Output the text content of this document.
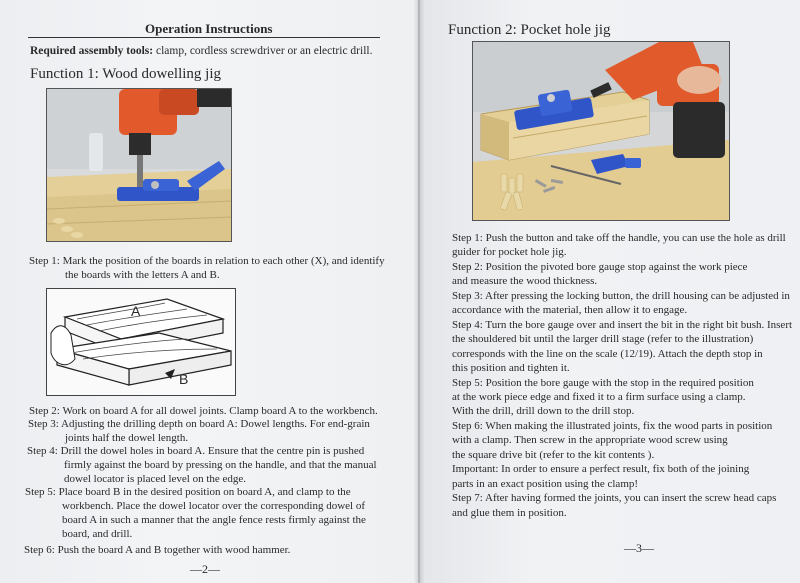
Operation Instructions
Required assembly tools: clamp, cordless screwdriver or an electric drill.
Function 1: Wood dowelling jig
Step 1: Mark the position of the boards in relation to each other (X), and identify
the boards with the letters A and B.
A
B
Step 2: Work on board A for all dowel joints. Clamp board A to the workbench.
Step 3: Adjusting the drilling depth on board A: Dowel lengths. For end-grain
joints half the dowel length.
Step 4: Drill the dowel holes in board A. Ensure that the centre pin is pushed
firmly against the board by pressing on the handle, and that the manual
dowel locator is placed level on the edge.
Step 5: Place board B in the desired position on board A, and clamp to the
workbench. Place the dowel locator over the corresponding dowel of
board A in such a manner that the angle fence rests firmly against the
board, and drill.
Step 6: Push the board A and B together with wood hammer.
—2—
Function 2: Pocket hole jig
Step 1: Push the button and take off the handle, you can use the hole as drill
guider for pocket hole jig.
Step 2: Position the pivoted bore gauge stop against the work piece
and measure the wood thickness.
Step 3: After pressing the locking button, the drill housing can be adjusted in
accordance with the material, then allow it to engage.
Step 4: Turn the bore gauge over and insert the bit in the right bit bush. Insert
the shouldered bit until the larger drill stage (refer to the illustration)
corresponds with the line on the scale (12/19). Attach the depth stop in
this position and tighten it.
Step 5: Position the bore gauge with the stop in the required position
at the work piece edge and fixed it to a firm surface using a clamp.
With the drill, drill down to the drill stop.
Step 6: When making the illustrated joints, fix the wood parts in position
with a clamp. Then screw in the appropriate wood screw using
the square drive bit (refer to the kit contents ).
Important: In order to ensure a perfect result, fix both of the joining
parts in an exact position using the clamp!
Step 7: After having formed the joints, you can insert the screw head caps
and glue them in position.
—3—
